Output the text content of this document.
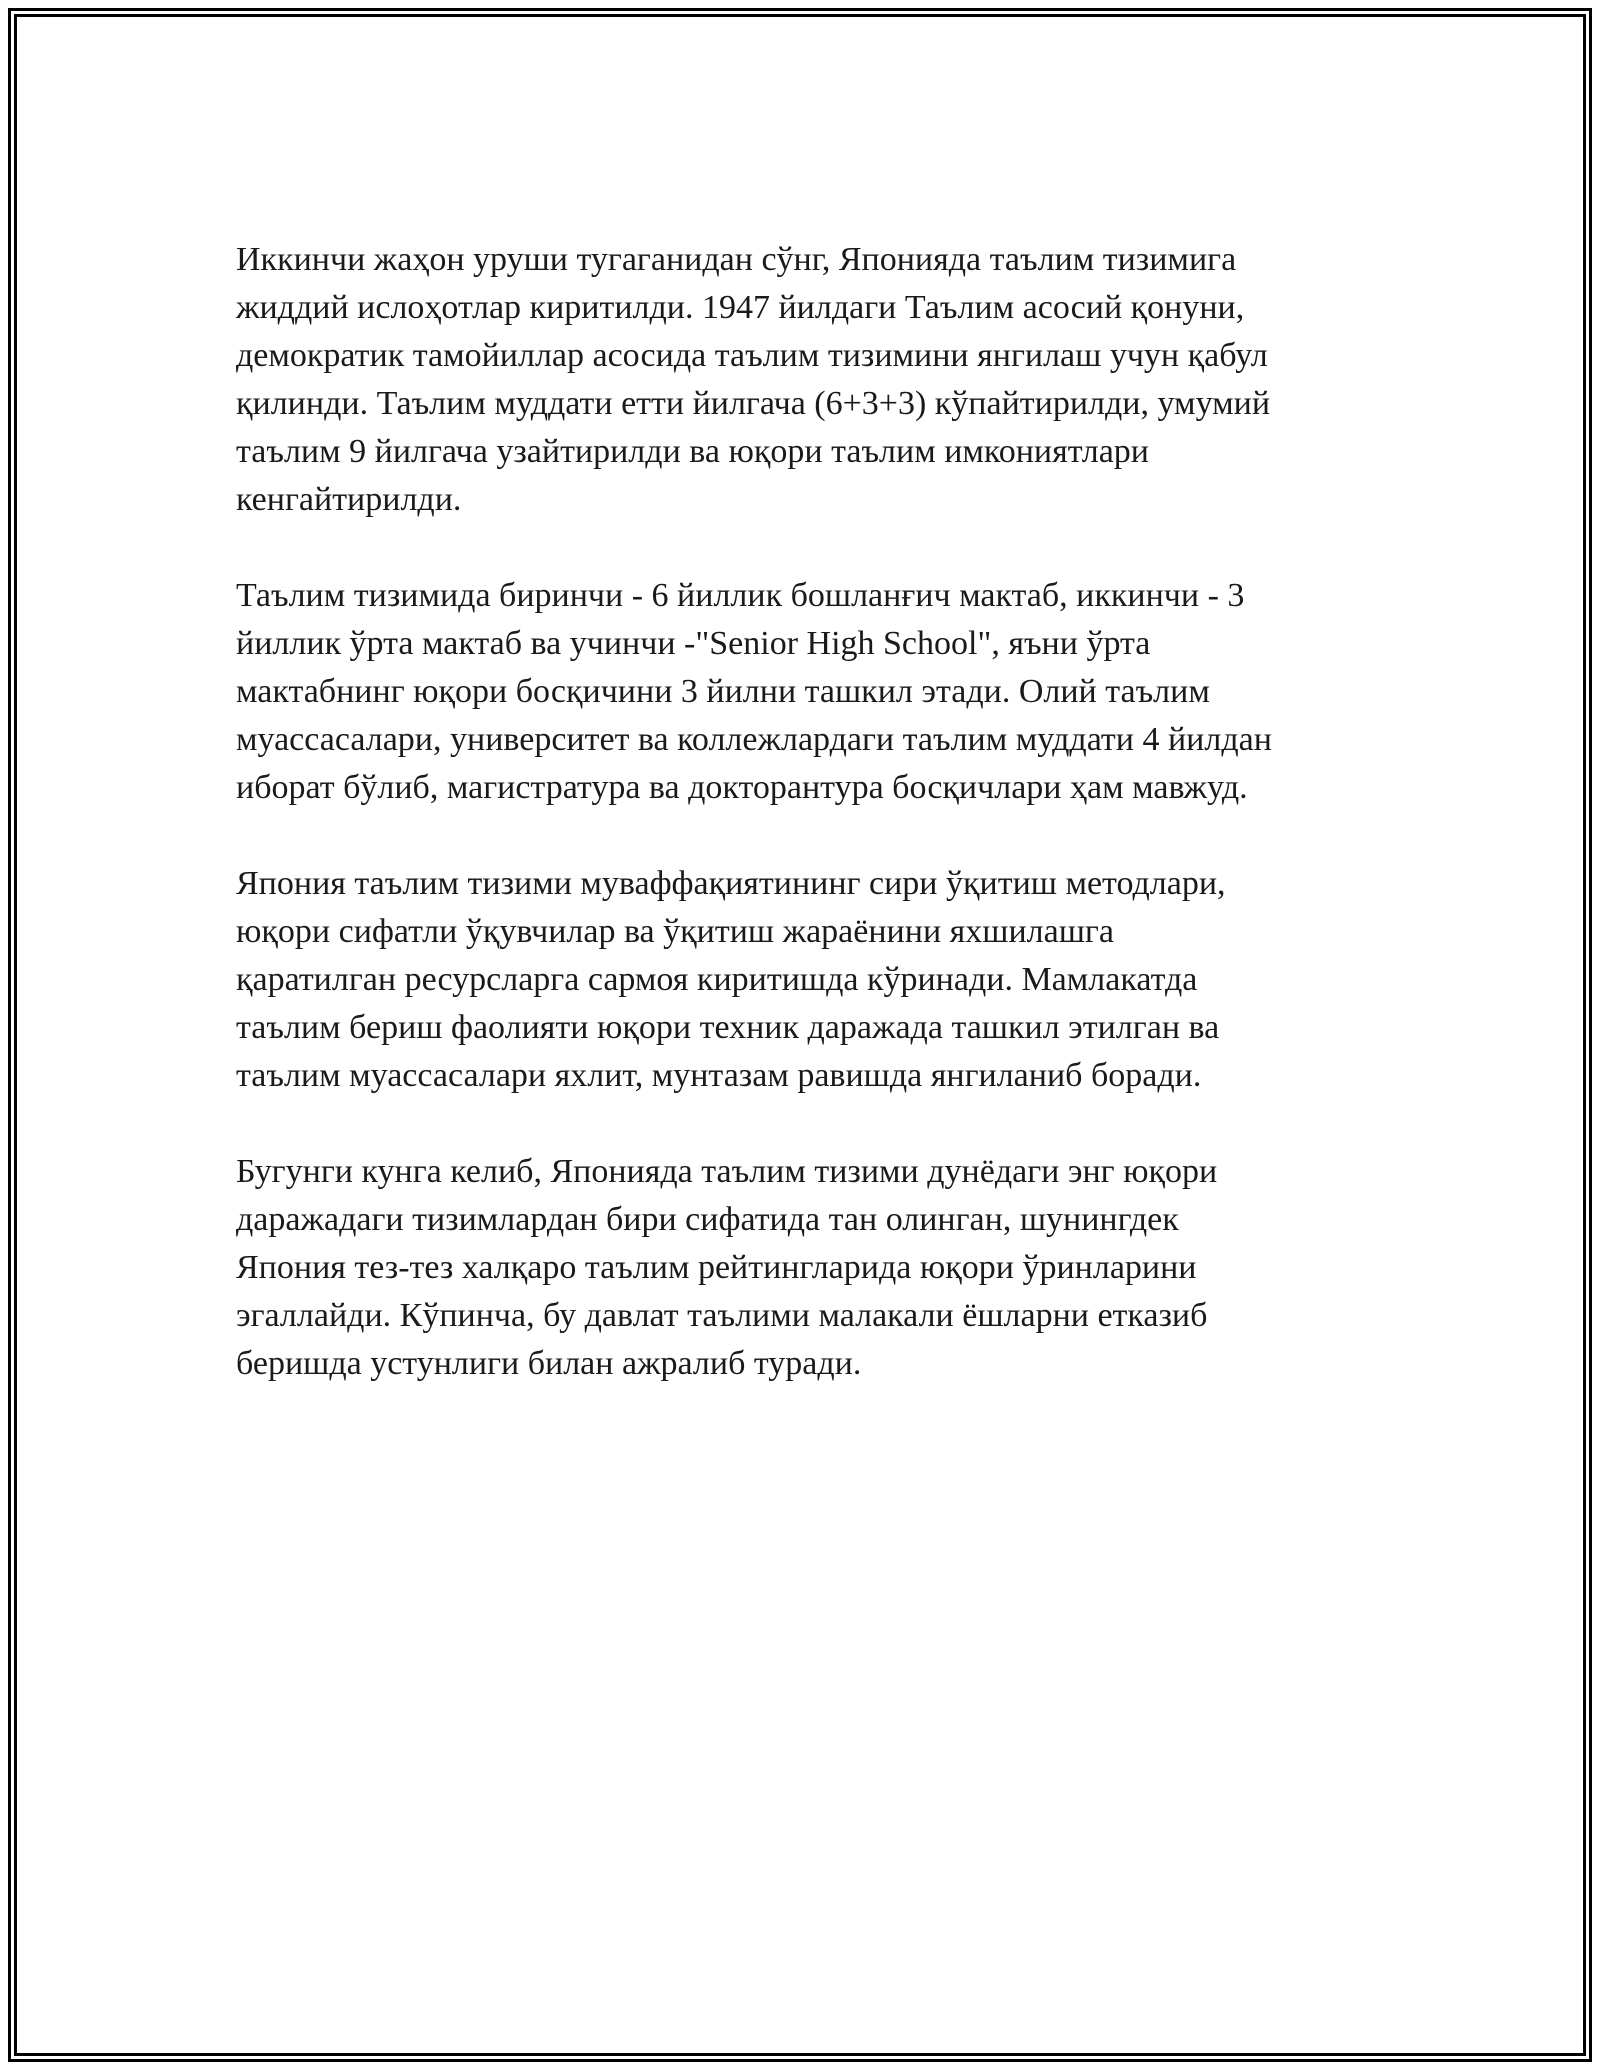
Иккинчи жаҳон уруши тугаганидан сўнг, Японияда таълим тизимига
жиддий ислоҳотлар киритилди. 1947 йилдаги Таълим асосий қонуни,
демократик тамойиллар асосида таълим тизимини янгилаш учун қабул
қилинди. Таълим муддати етти йилгача (6+3+3) кўпайтирилди, умумий
таълим 9 йилгача узайтирилди ва юқори таълим имкониятлари
кенгайтирилди.

Таълим тизимида биринчи - 6 йиллик бошланғич мактаб, иккинчи - 3
йиллик ўрта мактаб ва учинчи -"Senior High School", яъни ўрта
мактабнинг юқори босқичини 3 йилни ташкил этади. Олий таълим
муассасалари, университет ва коллежлардаги таълим муддати 4 йилдан
иборат бўлиб, магистратура ва докторантура босқичлари ҳам мавжуд.

Япония таълим тизими муваффақиятининг сири ўқитиш методлари,
юқори сифатли ўқувчилар ва ўқитиш жараёнини яхшилашга
қаратилган ресурсларга сармоя киритишда кўринади. Мамлакатда
таълим бериш фаолияти юқори техник даражада ташкил этилган ва
таълим муассасалари яхлит, мунтазам равишда янгиланиб боради.

Бугунги кунга келиб, Японияда таълим тизими дунёдаги энг юқори
даражадаги тизимлардан бири сифатида тан олинган, шунингдек
Япония тез-тез халқаро таълим рейтингларида юқори ўринларини
эгаллайди. Кўпинча, бу давлат таълими малакали ёшларни етказиб
беришда устунлиги билан ажралиб туради.
